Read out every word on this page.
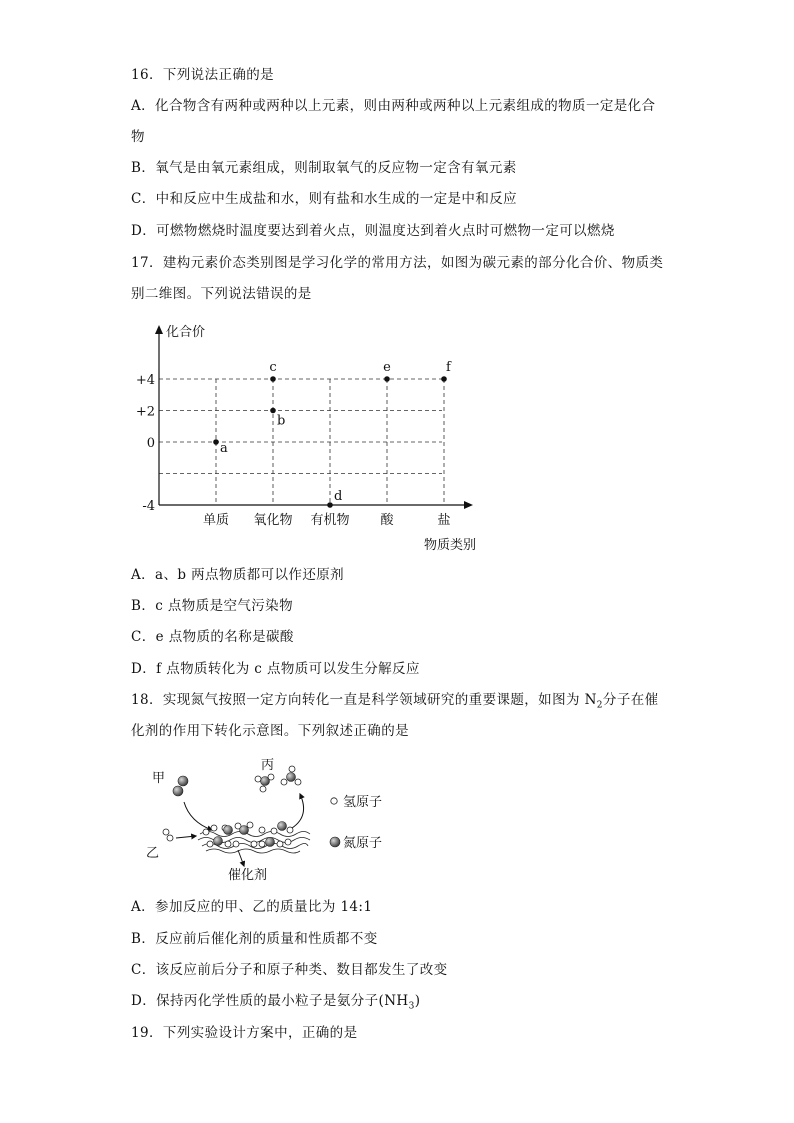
16．下列说法正确的是
A．化合物含有两种或两种以上元素，则由两种或两种以上元素组成的物质一定是化合
物
B．氧气是由氧元素组成，则制取氧气的反应物一定含有氧元素
C．中和反应中生成盐和水，则有盐和水生成的一定是中和反应
D．可燃物燃烧时温度要达到着火点，则温度达到着火点时可燃物一定可以燃烧
17．建构元素价态类别图是学习化学的常用方法，如图为碳元素的部分化合价、物质类
别二维图。下列说法错误的是
+4
+2
0
-4
单质 氧化物 有机物 酸	盐
a
b
c
d
e	f
化合价
物质类别
A．a、b 两点物质都可以作还原剂
B．c 点物质是空气污染物
C．e 点物质的名称是碳酸
D．f 点物质转化为 c 点物质可以发生分解反应
18．实现氮气按照一定方向转化一直是科学领域研究的重要课题，如图为 $N_2$分子在催
化剂的作用下转化示意图。下列叙述正确的是
甲
乙
丙
催化剂
氢原子
氮原子
A．参加反应的甲、乙的质量比为 14:1
B．反应前后催化剂的质量和性质都不变
C．该反应前后分子和原子种类、数目都发生了改变
D．保持丙化学性质的最小粒子是氨分子$(NH_3)$
19．下列实验设计方案中，正确的是
